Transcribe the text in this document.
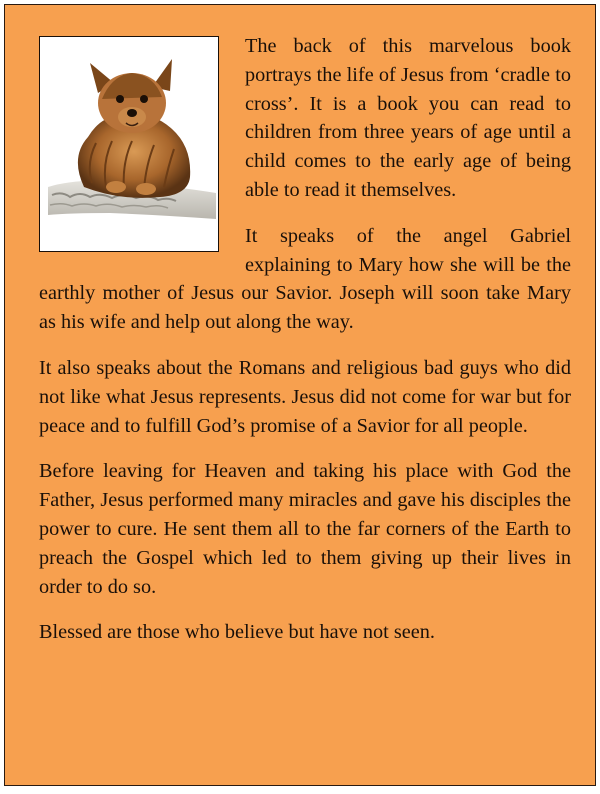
The back of this marvelous book portrays the life of Jesus from ‘cradle to cross’. It is a book you can read to children from three years of age until a child comes to the early age of being able to read it themselves.

It speaks of the angel Gabriel explaining to Mary how she will be the earthly mother of Jesus our Savior. Joseph will soon take Mary as his wife and help out along the way.

It also speaks about the Romans and religious bad guys who did not like what Jesus represents. Jesus did not come for war but for peace and to fulfill God’s promise of a Savior for all people.

Before leaving for Heaven and taking his place with God the Father, Jesus performed many miracles and gave his disciples the power to cure. He sent them all to the far corners of the Earth to preach the Gospel which led to them giving up their lives in order to do so.

Blessed are those who believe but have not seen.
